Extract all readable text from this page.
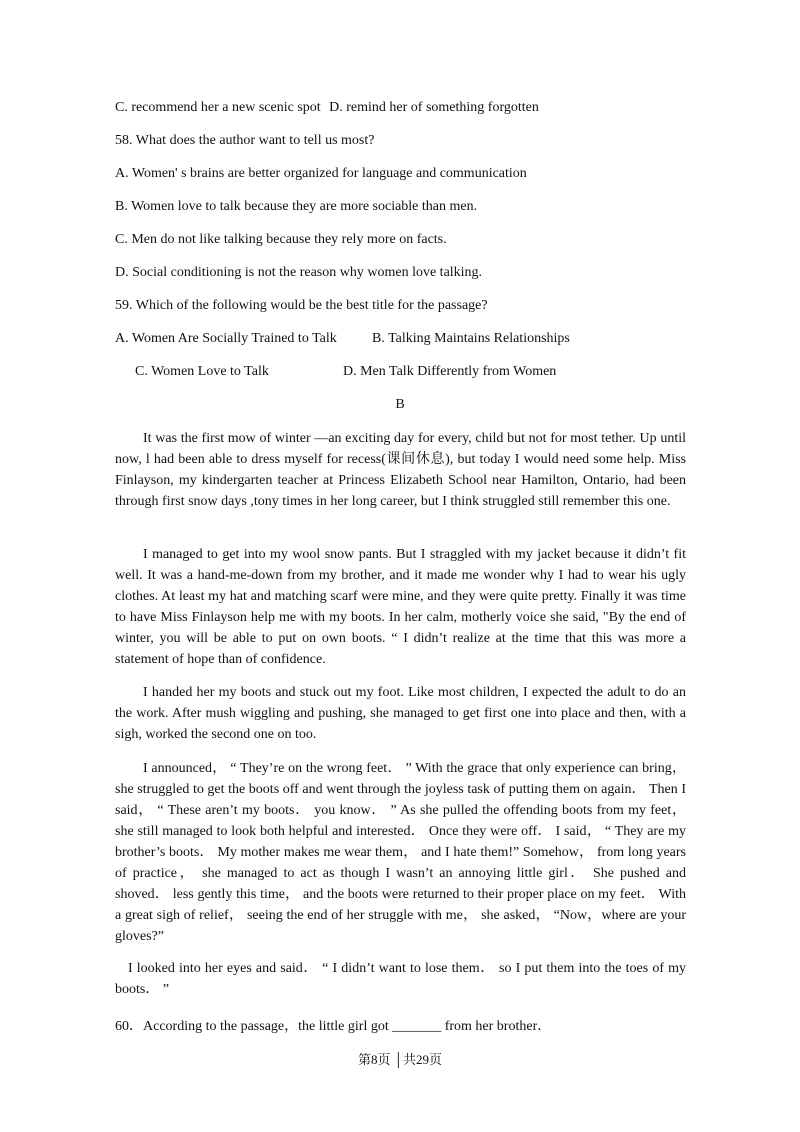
C. recommend her a new scenic spot D. remind her of something forgotten
58. What does the author want to tell us most?
A. Women' s brains are better organized for language and communication
B. Women love to talk because they are more sociable than men.
C. Men do not like talking because they rely more on facts.
D. Social conditioning is not the reason why women love talking.
59. Which of the following would be the best title for the passage?
A. Women Are Socially Trained to Talk	B. Talking Maintains Relationships
C. Women Love to Talk	D. Men Talk Differently from Women
B
It was the first mow of winter —an exciting day for every, child but not for most tether. Up until now, l had been able to dress myself for recess(课间休息), but today I would need some help. Miss Finlayson, my kindergarten teacher at Princess Elizabeth School near Hamilton, Ontario, had been through first snow days ,tony times in her long career, but I think struggled still remember this one.
I managed to get into my wool snow pants. But I straggled with my jacket because it didn’t fit well. It was a hand-me-down from my brother, and it made me wonder why I had to wear his ugly clothes. At least my hat and matching scarf were mine, and they were quite pretty. Finally it was time to have Miss Finlayson help me with my boots. In her calm, motherly voice she said, "By the end of winter, you will be able to put on own boots. “ I didn’t realize at the time that this was more a statement of hope than of confidence.
I handed her my boots and stuck out my foot. Like most children, I expected the adult to do an the work. After mush wiggling and pushing, she managed to get first one into place and then, with a sigh, worked the second one on too.
I announced， “ They’re on the wrong feet． ” With the grace that only experience can bring， she struggled to get the boots off and went through the joyless task of putting them on again． Then I said， “ These aren’t my boots． you know． ” As she pulled the offending boots from my feet， she still managed to look both helpful and interested． Once they were off． I said， “ They are my brother’s boots． My mother makes me wear them， and I hate them!” Somehow， from long years of practice， she managed to act as though I wasn’t an annoying little girl． She pushed and shoved． less gently this time， and the boots were returned to their proper place on my feet． With a great sigh of relief， seeing the end of her struggle with me， she asked， “Now，where are your gloves?”
I looked into her eyes and said． “ I didn’t want to lose them． so I put them into the toes of my boots． ”
60．According to the passage，the little girl got _______ from her brother．
第8页 │共29页
